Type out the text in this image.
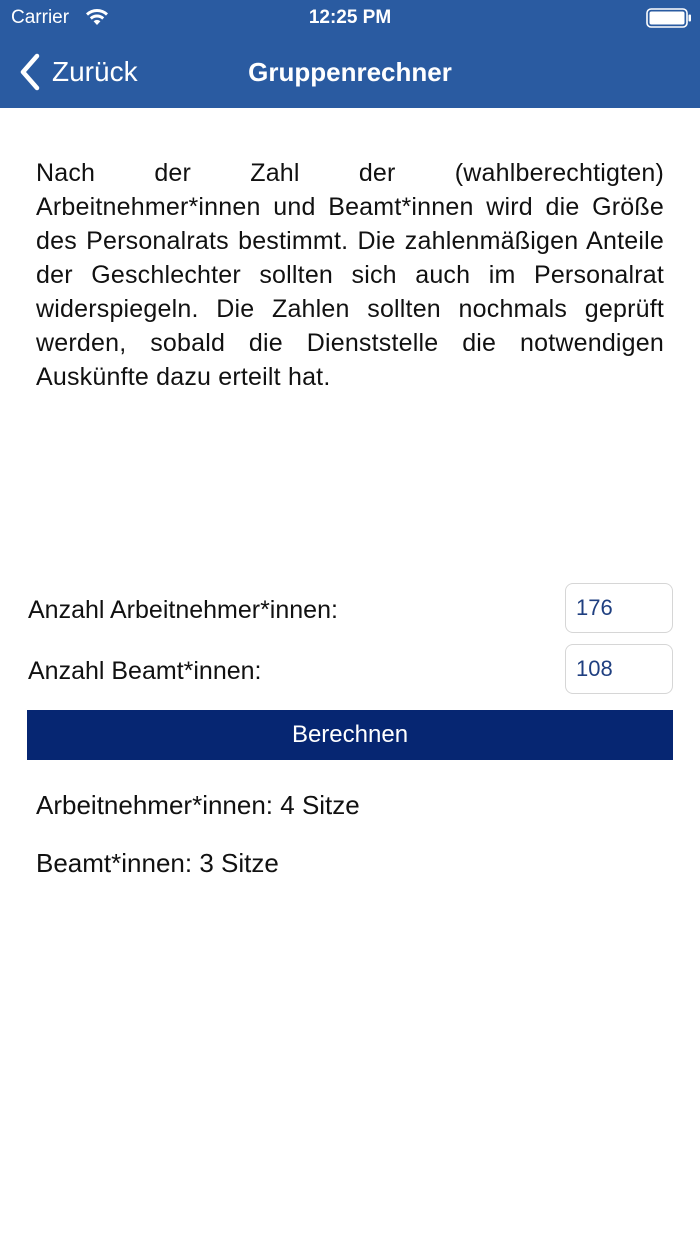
Carrier	12:25 PM
Zurück	Gruppenrechner

Nach der Zahl der (wahlberechtigten) Arbeitnehmer*innen und Beamt*innen wird die Größe des Personalrats bestimmt. Die zahlenmäßigen Anteile der Geschlechter sollten sich auch im Personalrat widerspiegeln. Die Zahlen sollten nochmals geprüft werden, sobald die Dienststelle die notwendigen Auskünfte dazu erteilt hat.

Anzahl Arbeitnehmer*innen:
176
Anzahl Beamt*innen:
108
Berechnen
Arbeitnehmer*innen: 4 Sitze
Beamt*innen: 3 Sitze
